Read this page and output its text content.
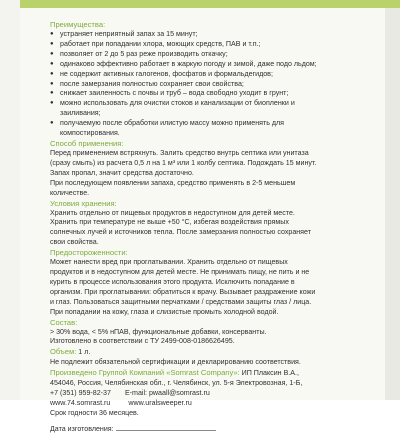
Преимущества:
● устраняет неприятный запах за 15 минут;
● работает при попадании хлора, моющих средств, ПАВ и т.п.;
● позволяет от 2 до 5 раз реже производить откачку;
● одинаково эффективно работает в жаркую погоду и зимой, даже подо льдом;
● не содержит активных галогенов, фосфатов и формальдегидов;
● после замерзания полностью сохраняет свои свойства;
● снижает заиленность с почвы и труб – вода свободно уходит в грунт;
● можно использовать для очистки стоков и канализации от биопленки и
заиливания;
● получаемую после обработки илистую массу можно применять для
компостирования.
Способ применения:
Перед применением встряхнуть. Залить средство внутрь септика или унитаза
(сразу смыть) из расчета 0,5 л на 1 м³ или 1 колбу септика. Подождать 15 минут.
Запах пропал, значит средства достаточно.
При последующем появлении запаха, средство применять в 2-5 меньшем
количестве.
Условия хранения:
Хранить отдельно от пищевых продуктов в недоступном для детей месте.
Хранить при температуре не выше +50 °С, избегая воздействия прямых
солнечных лучей и источников тепла. После замерзания полностью сохраняет
свои свойства.
Предостороженности:
Может нанести вред при проглатывании. Хранить отдельно от пищевых
продуктов и в недоступном для детей месте. Не принимать пищу, не пить и не
курить в процессе использования этого продукта. Исключить попадание в
организм. При проглатывании: обратиться к врачу. Вызывает раздражение кожи
и глаз. Пользоваться защитными перчатками / средствами защиты глаз / лица.
При попадании на кожу, глаза и слизистые промыть холодной водой.
Состав:
> 30% вода, < 5% нПАВ, функциональные добавки, консерванты.
Изготовлено в соответствии с ТУ 2499-008-0186626495.
Объем: 1 л.
Не подлежит обязательной сертификации и декларированию соответствия.
Произведено Группой Компаний «Somrast Company»: ИП Плаксин В.А.,
454046, Россия, Челябинская обл., г. Челябинск, ул. 5-я Электровозная, 1-Б,
+7 (351) 959-82-37 E-mail: pwaall@somrast.ru
www.74.somrast.ru	www.uralsweeper.ru
Срок годности 36 месяцев.
Дата изготовления:
